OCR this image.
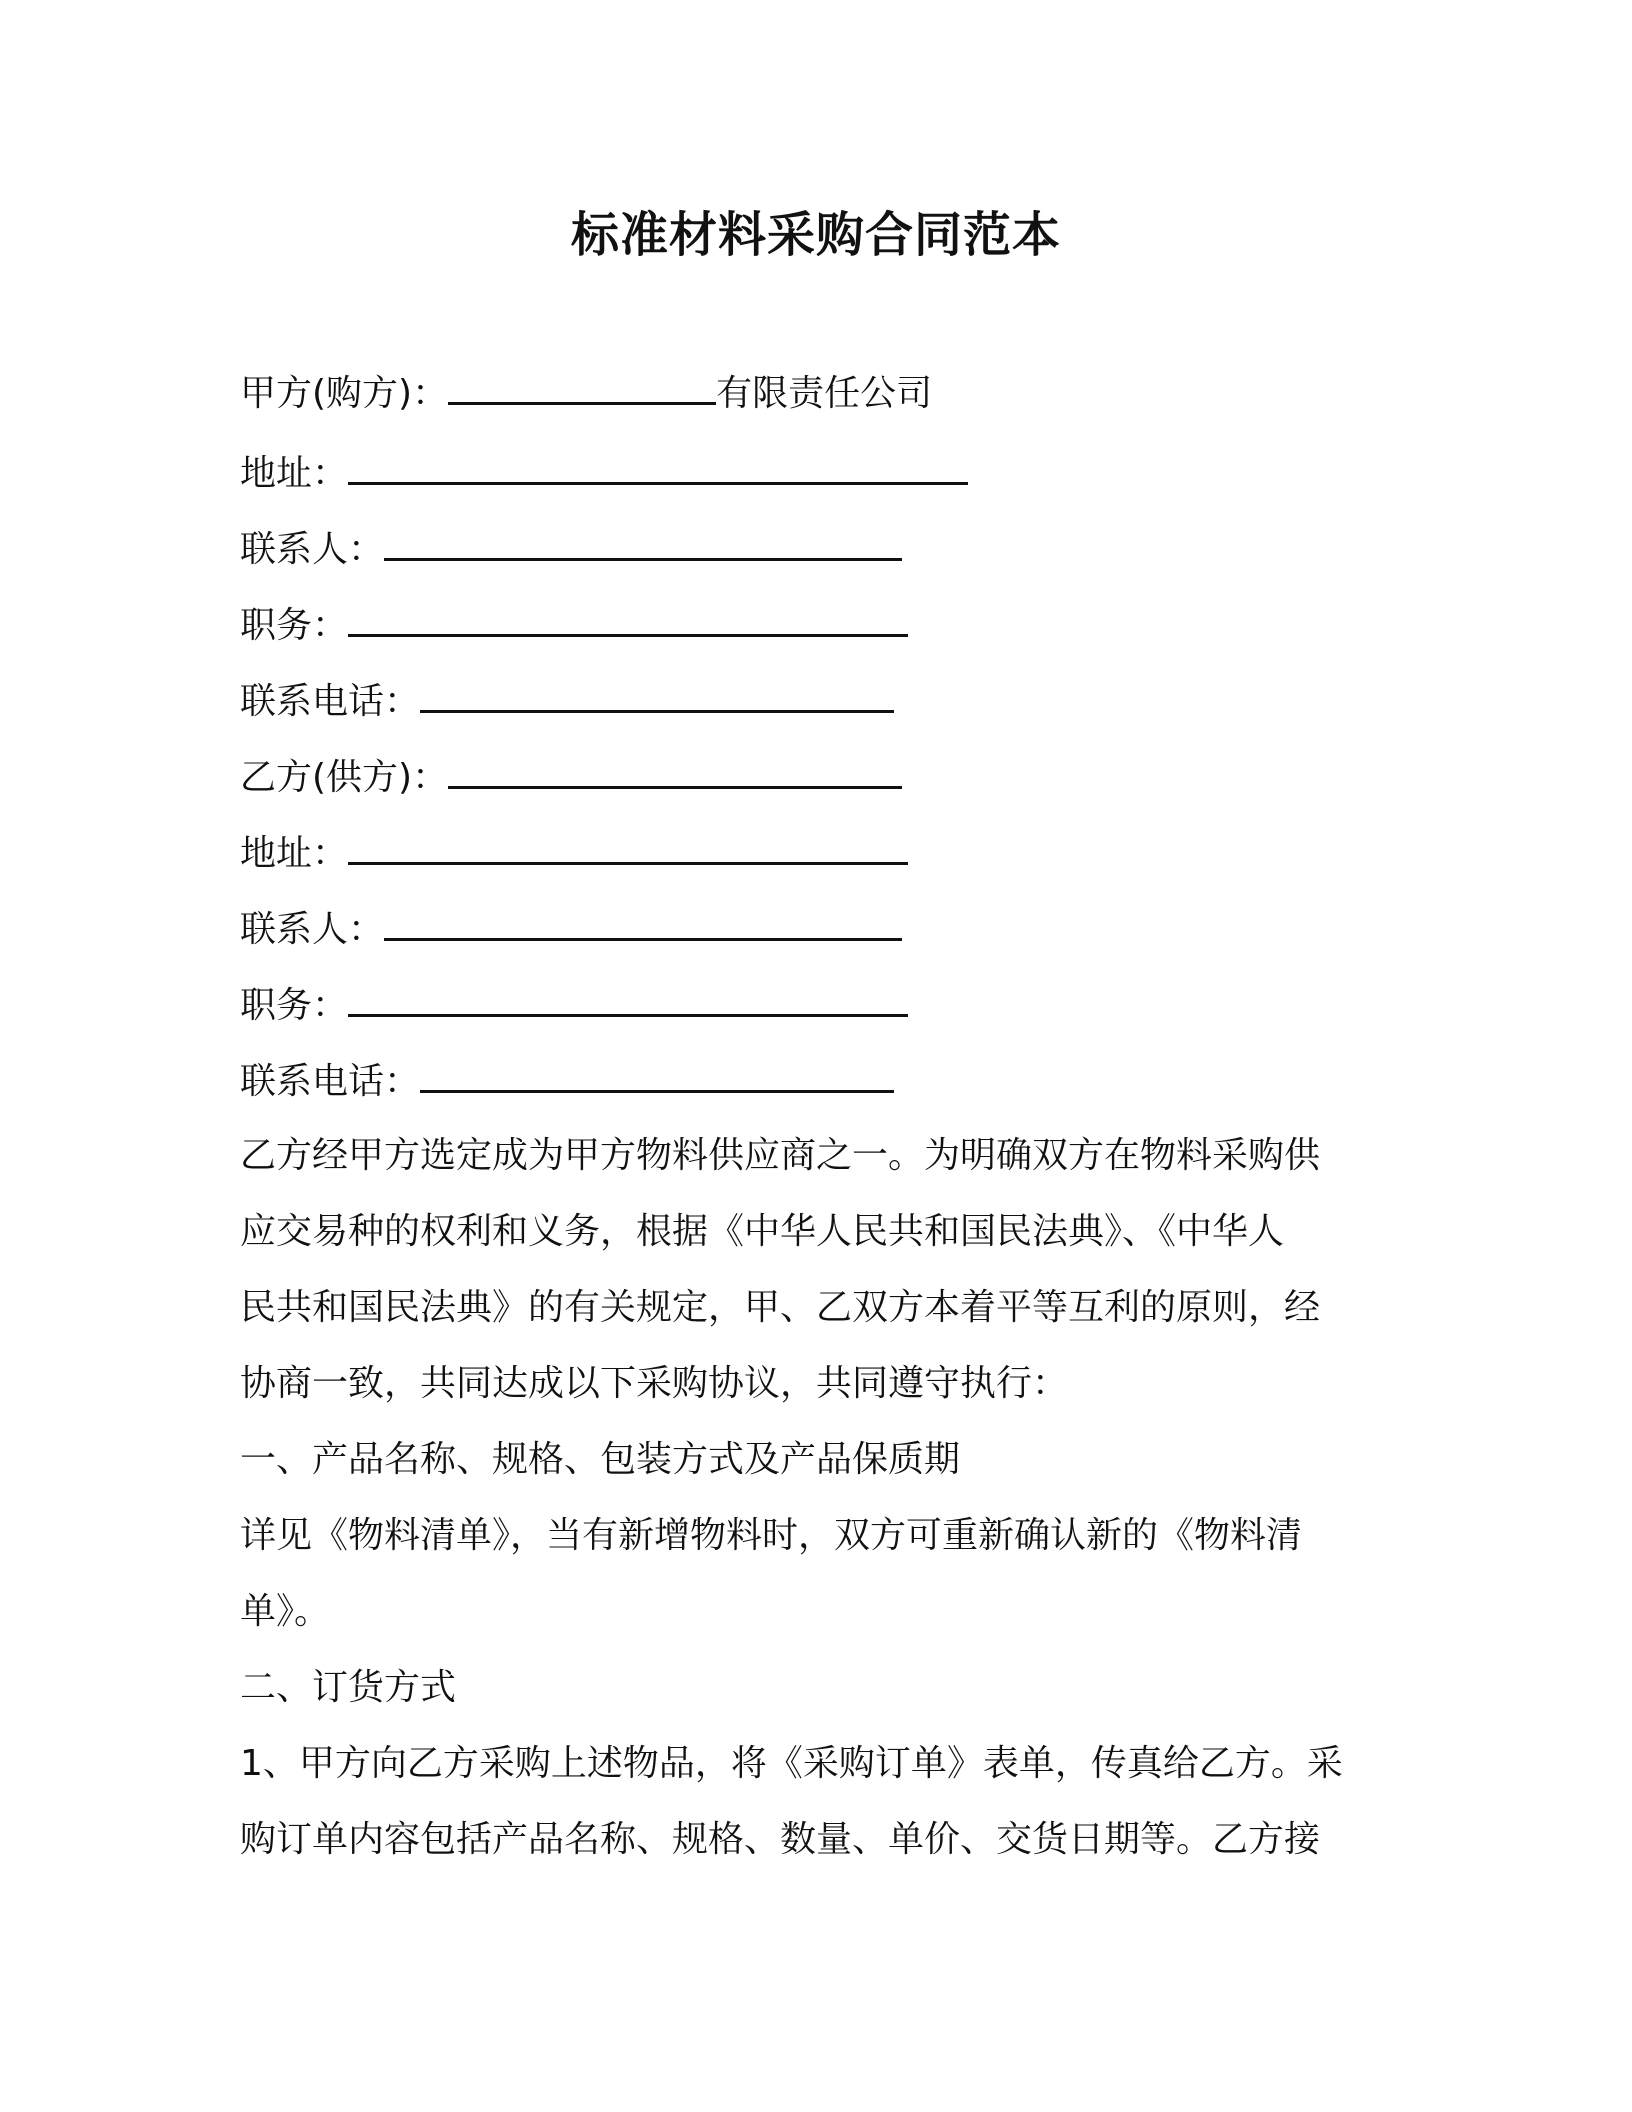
标准材料采购合同范本
甲方(购方)：	有限责任公司
地址：
联系人：
职务：
联系电话：
乙方(供方)：
地址：
联系人：
职务：
联系电话：
乙方经甲方选定成为甲方物料供应商之一。为明确双方在物料采购供
应交易种的权利和义务，根据《中华人民共和国民法典》、《中华人
民共和国民法典》的有关规定，甲、乙双方本着平等互利的原则，经
协商一致，共同达成以下采购协议，共同遵守执行：
一、产品名称、规格、包装方式及产品保质期
详见《物料清单》，当有新增物料时，双方可重新确认新的《物料清
单》。
二、订货方式
1、甲方向乙方采购上述物品，将《采购订单》表单，传真给乙方。采
购订单内容包括产品名称、规格、数量、单价、交货日期等。乙方接
